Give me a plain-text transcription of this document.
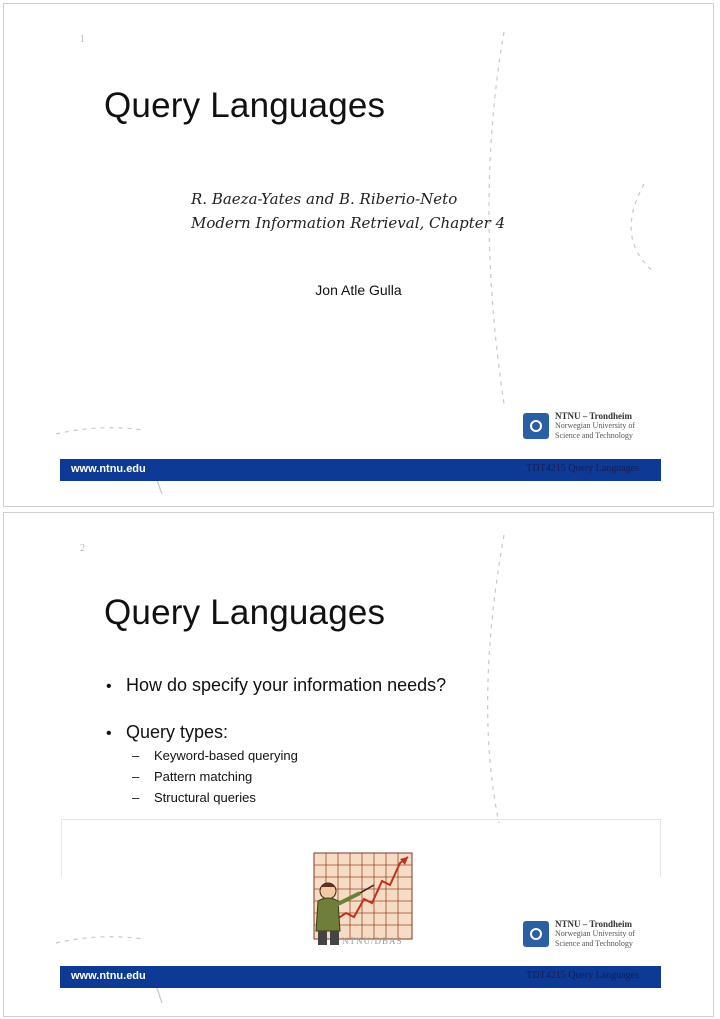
1
Query Languages
R. Baeza-Yates and B. Riberio-Neto
Modern Information Retrieval, Chapter 4
Jon Atle Gulla
NTNU – Trondheim
Norwegian University of
Science and Technology
www.ntnu.edu	TDT4215 Query Languages
2
Query Languages
• How do specify your information needs?
• Query types:
– Keyword-based querying
– Pattern matching
– Structural queries
NTNU/DBAS
NTNU – Trondheim
Norwegian University of
Science and Technology
www.ntnu.edu	TDT4215 Query Languages
